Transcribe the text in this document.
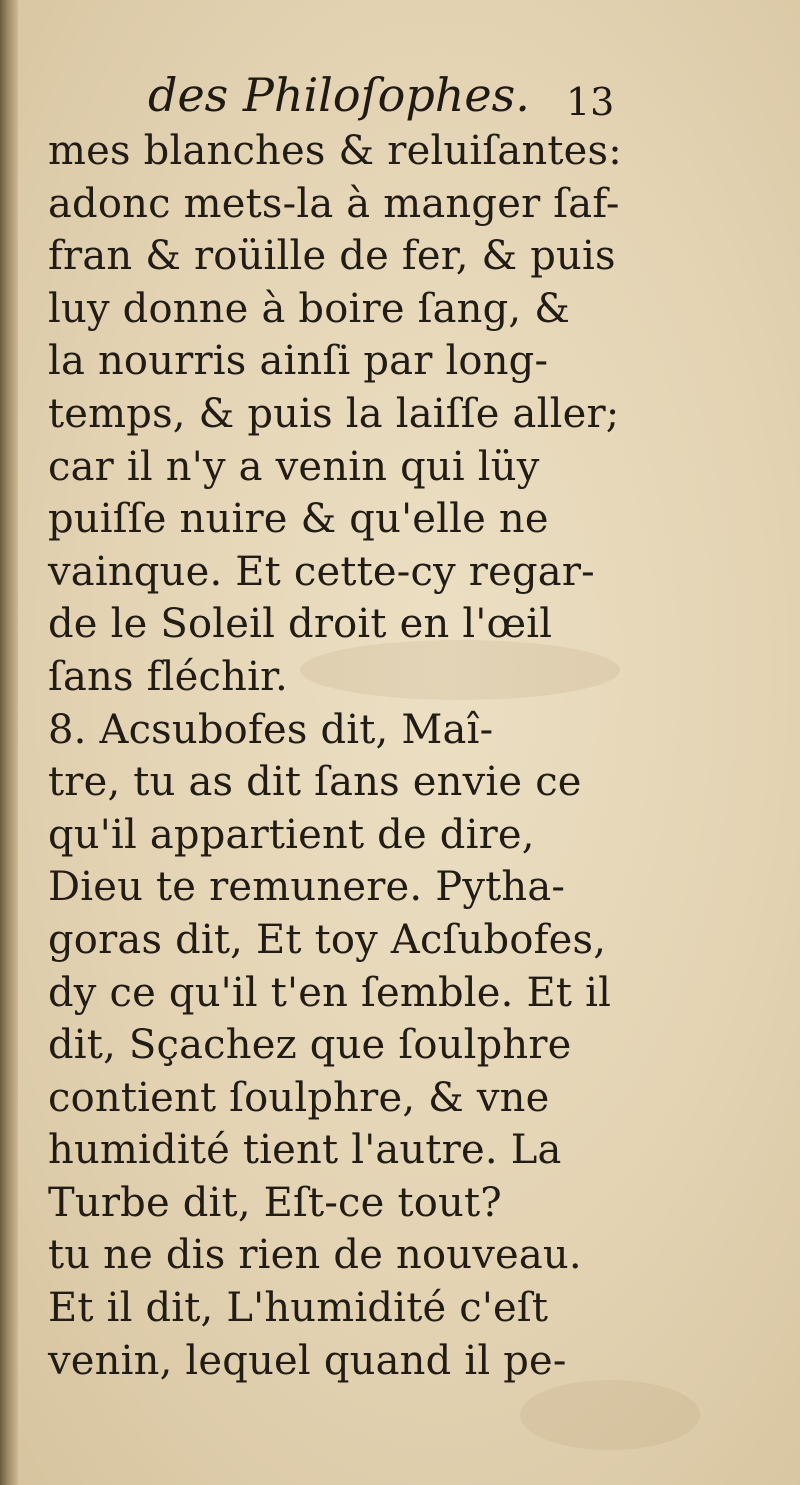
des Philoſophes. 13
mes blanches & reluiſantes:
adonc mets-la à manger ſaf-
fran & roüille de fer, & puis
luy donne à boire ſang, &
la nourris ainſi par long-
temps, & puis la laiſſe aller;
car il n'y a venin qui lüy
puiſſe nuire & qu'elle ne
vainque. Et cette-cy regar-
de le Soleil droit en l'œil
ſans fléchir.
8. Acsubofes dit, Maî-
tre, tu as dit ſans envie ce
qu'il appartient de dire,
Dieu te remunere. Pytha-
goras dit, Et toy Acſubofes,
dy ce qu'il t'en ſemble. Et il
dit, Sçachez que ſoulphre
contient ſoulphre, & vne
humidité tient l'autre. La
Turbe dit, Eſt-ce tout?
tu ne dis rien de nouveau.
Et il dit, L'humidité c'eſt
venin, lequel quand il pe-
